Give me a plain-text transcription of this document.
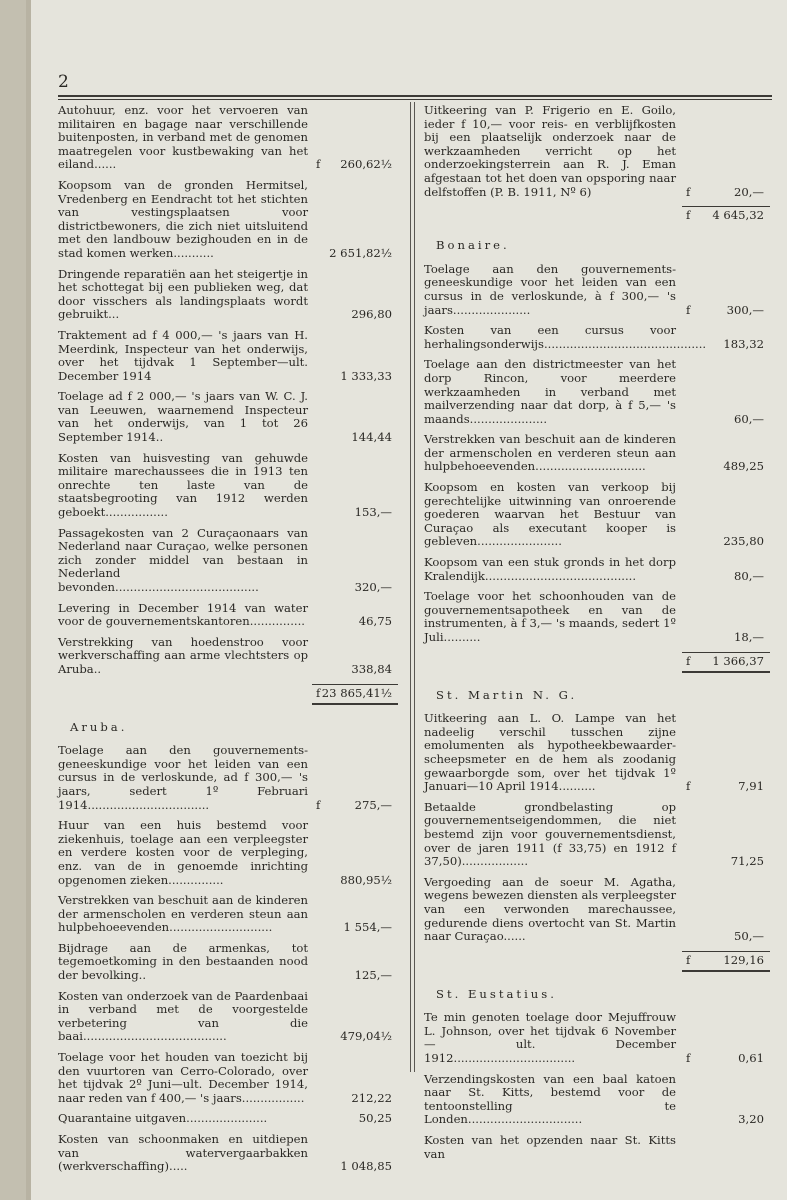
2
Autohuur, enz. voor het vervoeren van militairen en bagage naar verschillende buitenposten, in verband met de genomen maatregelen voor kustbewaking van het eiland......	f 260,62½
Koopsom van de gronden Hermitsel, Vredenberg en Eendracht tot het stichten van vestingsplaatsen voor districtbewoners, die zich niet uitsluitend met den landbouw bezighouden en in de stad komen werken...........	2 651,82½
Dringende reparatiën aan het steigertje in het schottegat bij een publieken weg, dat door visschers als landingsplaats wordt gebruikt...	296,80
Traktement ad f 4 000,— 's jaars van H. Meerdink, Inspecteur van het onderwijs, over het tijdvak 1 September—ult. December 1914	1 333,33
Toelage ad f 2 000,— 's jaars van W. C. J. van Leeuwen, waarnemend Inspecteur van het onderwijs, van 1 tot 26 September 1914..	144,44
Kosten van huisvesting van gehuwde militaire marechaussees die in 1913 ten onrechte ten laste van de staatsbegrooting van 1912 werden geboekt.................	153,—
Passagekosten van 2 Curaçaonaars van Nederland naar Curaçao, welke personen zich zonder middel van bestaan in Nederland bevonden.......................................	320,—
Levering in December 1914 van water voor de gouvernementskantoren...............	46,75
Verstrekking van hoedenstroo voor werkverschaffing aan arme vlechtsters op Aruba..	338,84
f 23 865,41½
Aruba.
Toelage aan den gouvernements-geneeskundige voor het leiden van een cursus in de verloskunde, ad f 300,— 's jaars, sedert 1º Februari 1914.................................	f	275,—
Huur van een huis bestemd voor ziekenhuis, toelage aan een verpleegster en verdere kosten voor de verpleging, enz. van de in genoemde inrichting opgenomen zieken...............	880,95½
Verstrekken van beschuit aan de kinderen der armenscholen en verderen steun aan hulpbehoeevenden............................	1 554,—
Bijdrage aan de armenkas, tot tegemoetkoming in den bestaanden nood der bevolking..	125,—
Kosten van onderzoek van de Paardenbaai in verband met de voorgestelde verbetering van die baai.......................................	479,04½
Toelage voor het houden van toezicht bij den vuurtoren van Cerro-Colorado, over het tijdvak 2º Juni—ult. December 1914, naar reden van f 400,— 's jaars.................	212,22
Quarantaine uitgaven......................	50,25
Kosten van schoonmaken en uitdiepen van watervergaarbakken (werkverschaffing).....	1 048,85
Uitkeering van P. Frigerio en E. Goilo, ieder f 10,— voor reis- en verblijfkosten bij een plaatselijk onderzoek naar de werkzaamheden verricht op het onderzoekingsterrein aan R. J. Eman afgestaan tot het doen van opsporing naar delfstoffen (P. B. 1911, Nº 6)	f	20,—
f 4 645,32
Bonaire.
Toelage aan den gouvernements-geneeskundige voor het leiden van een cursus in de verloskunde, à f 300,— 's jaars.....................	f	300,—
Kosten van een cursus voor herhalingsonderwijs............................................ 183,32
Toelage aan den districtmeester van het dorp Rincon, voor meerdere werkzaamheden in verband met mailverzending naar dat dorp, à f 5,— 's maands.....................	60,—
Verstrekken van beschuit aan de kinderen der armenscholen en verderen steun aan hulpbehoeevenden..............................	489,25
Koopsom en kosten van verkoop bij gerechtelijke uitwinning van onroerende goederen waarvan het Bestuur van Curaçao als executant kooper is gebleven.......................	235,80
Koopsom van een stuk gronds in het dorp Kralendijk.........................................	80,—
Toelage voor het schoonhouden van de gouvernementsapotheek en van de instrumenten, à f 3,— 's maands, sedert 1º Juli..........	18,—
f 1 366,37
St. Martin N. G.
Uitkeering aan L. O. Lampe van het nadeelig verschil tusschen zijne emolumenten als hypotheekbewaarder-scheepsmeter en de hem als zoodanig gewaarborgde som, over het tijdvak 1º Januari—10 April 1914..........	f	7,91
Betaalde grondbelasting op gouvernementseigendommen, die niet bestemd zijn voor gouvernementsdienst, over de jaren 1911 (f 33,75) en 1912 f 37,50)..................	71,25
Vergoeding aan de soeur M. Agatha, wegens bewezen diensten als verpleegster van een verwonden marechaussee, gedurende diens overtocht van St. Martin naar Curaçao......	50,—
f	129,16
St. Eustatius.
Te min genoten toelage door Mejuffrouw L. Johnson, over het tijdvak 6 November — ult. December 1912.................................	f	0,61
Verzendingskosten van een baal katoen naar St. Kitts, bestemd voor de tentoonstelling te Londen...............................	3,20
Kosten van het opzenden naar St. Kitts van
